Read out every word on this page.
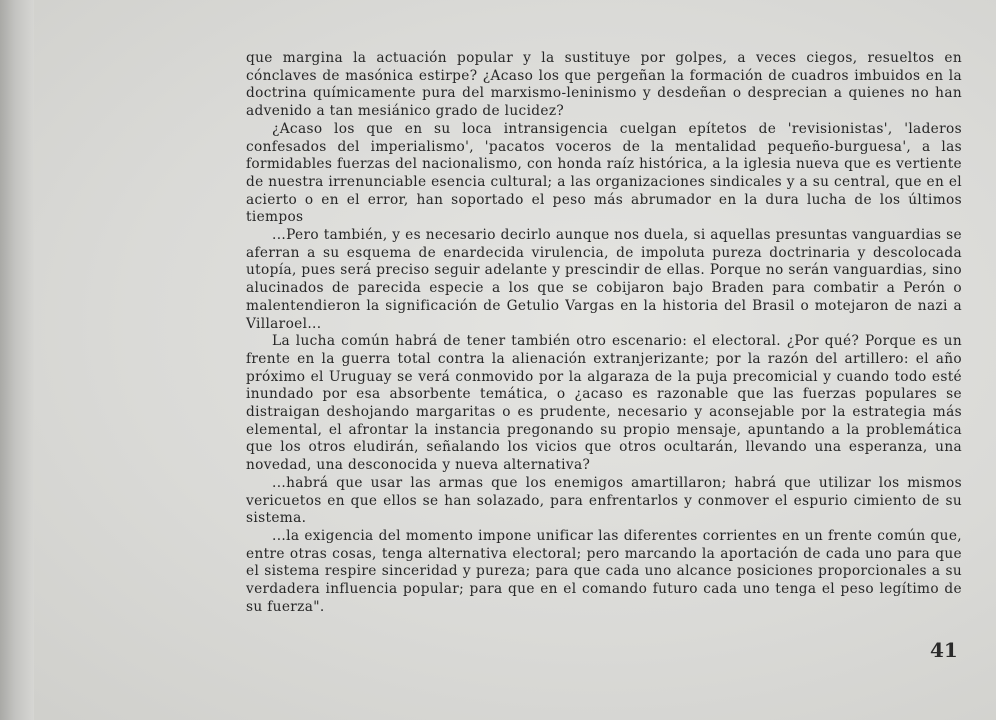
que margina la actuación popular y la sustituye por golpes, a veces ciegos, resueltos en cónclaves de masónica estirpe? ¿Acaso los que pergeñan la formación de cuadros imbuidos en la doctrina químicamente pura del marxismo-leninismo y desdeñan o desprecian a quienes no han advenido a tan mesiánico grado de lucidez?

¿Acaso los que en su loca intransigencia cuelgan epítetos de 'revisionistas', 'laderos confesados del imperialismo', 'pacatos voceros de la mentalidad pequeño-burguesa', a las formidables fuerzas del nacionalismo, con honda raíz histórica, a la iglesia nueva que es vertiente de nuestra irrenunciable esencia cultural; a las organizaciones sindicales y a su central, que en el acierto o en el error, han soportado el peso más abrumador en la dura lucha de los últimos tiempos

...Pero también, y es necesario decirlo aunque nos duela, si aquellas presuntas vanguardias se aferran a su esquema de enardecida virulencia, de impoluta pureza doctrinaria y descolocada utopía, pues será preciso seguir adelante y prescindir de ellas. Porque no serán vanguardias, sino alucinados de parecida especie a los que se cobijaron bajo Braden para combatir a Perón o malentendieron la significación de Getulio Vargas en la historia del Brasil o motejaron de nazi a Villaroel...

La lucha común habrá de tener también otro escenario: el electoral. ¿Por qué? Porque es un frente en la guerra total contra la alienación extranjerizante; por la razón del artillero: el año próximo el Uruguay se verá conmovido por la algaraza de la puja precomicial y cuando todo esté inundado por esa absorbente temática, o ¿acaso es razonable que las fuerzas populares se distraigan deshojando margaritas o es prudente, necesario y aconsejable por la estrategia más elemental, el afrontar la instancia pregonando su propio mensaje, apuntando a la problemática que los otros eludirán, señalando los vicios que otros ocultarán, llevando una esperanza, una novedad, una desconocida y nueva alternativa?

...habrá que usar las armas que los enemigos amartillaron; habrá que utilizar los mismos vericuetos en que ellos se han solazado, para enfrentarlos y conmover el espurio cimiento de su sistema.

...la exigencia del momento impone unificar las diferentes corrientes en un frente común que, entre otras cosas, tenga alternativa electoral; pero marcando la aportación de cada uno para que el sistema respire sinceridad y pureza; para que cada uno alcance posiciones proporcionales a su verdadera influencia popular; para que en el comando futuro cada uno tenga el peso legítimo de su fuerza".

41
